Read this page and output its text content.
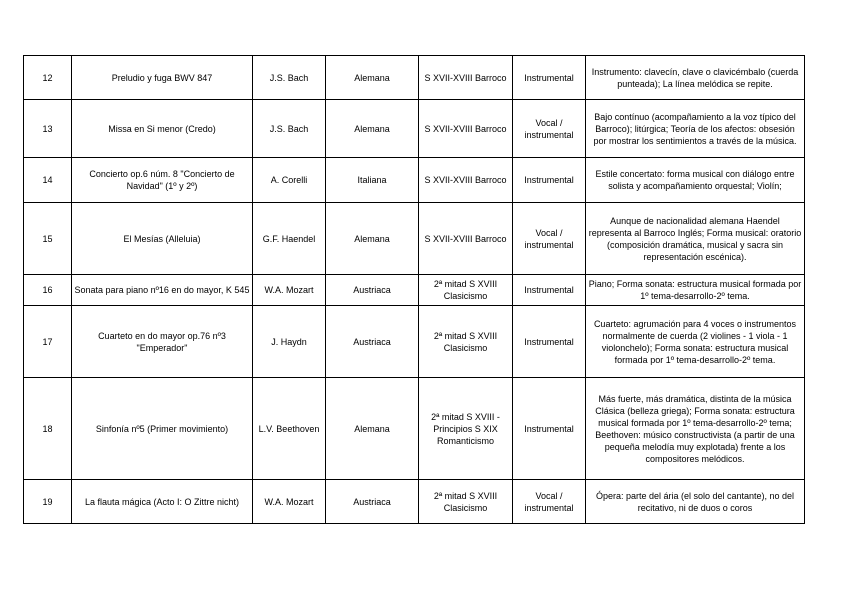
12	Preludio y fuga BWV 847	J.S. Bach	Alemana	S XVII-XVIII Barroco	Instrumental	Instrumento: clavecín, clave o clavicémbalo (cuerda punteada); La línea melódica se repite.
13	Missa en Si menor (Credo)	J.S. Bach	Alemana	S XVII-XVIII Barroco	Vocal / instrumental	Bajo contínuo (acompañamiento a la voz típico del Barroco); litúrgica; Teoría de los afectos: obsesión por mostrar los sentimientos a través de la música.
14	Concierto op.6 núm. 8 "Concierto de Navidad" (1º y 2º)	A. Corelli	Italiana	S XVII-XVIII Barroco	Instrumental	Estile concertato: forma musical con diálogo entre solista y acompañamiento orquestal; Violín;
15	El Mesías (Alleluia)	G.F. Haendel	Alemana	S XVII-XVIII Barroco	Vocal / instrumental	Aunque de nacionalidad alemana Haendel representa al Barroco Inglés; Forma musical: oratorio (composición dramática, musical y sacra sin representación escénica).
16	Sonata para piano nº16 en do mayor, K 545	W.A. Mozart	Austriaca	2ª mitad S XVIII Clasicismo	Instrumental	Piano; Forma sonata: estructura musical formada por 1º tema-desarrollo-2º tema.
17	Cuarteto en do mayor op.76 nº3 "Emperador"	J. Haydn	Austriaca	2ª mitad S XVIII Clasicismo	Instrumental	Cuarteto: agrumación para 4 voces o instrumentos normalmente de cuerda (2 violines - 1 viola - 1 violonchelo); Forma sonata: estructura musical formada por 1º tema-desarrollo-2º tema.
18	Sinfonía nº5 (Primer movimiento)	L.V. Beethoven	Alemana	2ª mitad S XVIII - Principios S XIX Romanticismo	Instrumental	Más fuerte, más dramática, distinta de la música Clásica (belleza griega); Forma sonata: estructura musical formada por 1º tema-desarrollo-2º tema; Beethoven: músico constructivista (a partir de una pequeña melodía muy explotada) frente a los compositores melódicos.
19	La flauta mágica (Acto I: O Zittre nicht)	W.A. Mozart	Austriaca	2ª mitad S XVIII Clasicismo	Vocal / instrumental	Ópera: parte del ária (el solo del cantante), no del recitativo, ni de duos o coros
